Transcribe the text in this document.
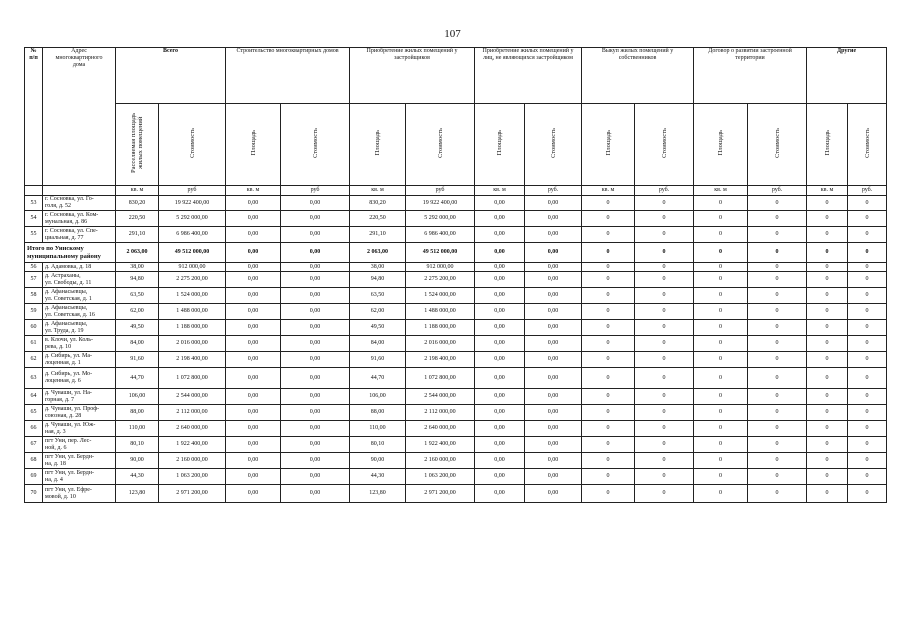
107
№
п/п	Адрес
многоквартирного
дома	Всего		Строительство многоквартирных домов		Приобретение жилых помещений у застройщиков		Приобретение жилых помещений у лиц, не являющихся застройщиком		Выкуп жилых помещений у собственников		Договор о развитии застроенной территории		Другие	
		Расселяемая площадь жилых помещений	Стоимость	Площадь	Стоимость	Площадь	Стоимость	Площадь	Стоимость	Площадь	Стоимость	Площадь	Стоимость	Площадь	Стоимость
		кв. м	руб	кв. м	руб	кв. м	руб	кв. м	руб.	кв. м	руб.	кв. м	руб.	кв. м	руб.
53	г. Сосновка, ул. Го-
голя, д. 52	830,20	19 922 400,00	0,00	0,00	830,20	19 922 400,00	0,00	0,00	0	0	0	0	0	0
54	г. Сосновка, ул. Ком-
мунальная, д. 86	220,50	5 292 000,00	0,00	0,00	220,50	5 292 000,00	0,00	0,00	0	0	0	0	0	0
55	г. Сосновка, ул. Спе-
циальная, д. 77	291,10	6 986 400,00	0,00	0,00	291,10	6 986 400,00	0,00	0,00	0	0	0	0	0	0
Итого по Уинскому
муниципальному району		2 063,00	49 512 000,00	0,00	0,00	2 063,00	49 512 000,00	0,00	0,00	0	0	0	0	0	0
56	д. Адамовка, д. 18	38,00	912 000,00	0,00	0,00	38,00	912 000,00	0,00	0,00	0	0	0	0	0	0
57	д. Астраханы,
ул. Свободы, д. 11	94,80	2 275 200,00	0,00	0,00	94,80	2 275 200,00	0,00	0,00	0	0	0	0	0	0
58	д. Афанасьевцы,
ул. Советская, д. 1	63,50	1 524 000,00	0,00	0,00	63,50	1 524 000,00	0,00	0,00	0	0	0	0	0	0
59	д. Афанасьевцы,
ул. Советская, д. 16	62,00	1 488 000,00	0,00	0,00	62,00	1 488 000,00	0,00	0,00	0	0	0	0	0	0
60	д. Афанасьевцы,
ул. Труда, д. 19	49,50	1 188 000,00	0,00	0,00	49,50	1 188 000,00	0,00	0,00	0	0	0	0	0	0
61	в. Клочи, ул. Коль-
рева, д. 10	84,00	2 016 000,00	0,00	0,00	84,00	2 016 000,00	0,00	0,00	0	0	0	0	0	0
62	д. Сибирь, ул. Ма-
лоценная, д. 1	91,60	2 198 400,00	0,00	0,00	91,60	2 198 400,00	0,00	0,00	0	0	0	0	0	0
63	д. Сибирь, ул. Мо-
лоценная, д. 6	44,70	1 072 800,00	0,00	0,00	44,70	1 072 800,00	0,00	0,00	0	0	0	0	0	0
64	д. Чуваши, ул. На-
горная, д. 7	106,00	2 544 000,00	0,00	0,00	106,00	2 544 000,00	0,00	0,00	0	0	0	0	0	0
65	д. Чуваши, ул. Проф-
союзная, д. 28	88,00	2 112 000,00	0,00	0,00	88,00	2 112 000,00	0,00	0,00	0	0	0	0	0	0
66	д. Чуваши, ул. Юж-
ная, д. 3	110,00	2 640 000,00	0,00	0,00	110,00	2 640 000,00	0,00	0,00	0	0	0	0	0	0
67	пгт Уни, пер. Лес-
ной, д. 6	80,10	1 922 400,00	0,00	0,00	80,10	1 922 400,00	0,00	0,00	0	0	0	0	0	0
68	пгт Уни, ул. Бердн-
на, д. 18	90,00	2 160 000,00	0,00	0,00	90,00	2 160 000,00	0,00	0,00	0	0	0	0	0	0
69	пгт Уни, ул. Бердн-
на, д. 4	44,30	1 063 200,00	0,00	0,00	44,30	1 063 200,00	0,00	0,00	0	0	0	0	0	0
70	пгт Уни, ул. Ефре-
мовой, д. 10	123,80	2 971 200,00	0,00	0,00	123,80	2 971 200,00	0,00	0,00	0	0	0	0	0	0
